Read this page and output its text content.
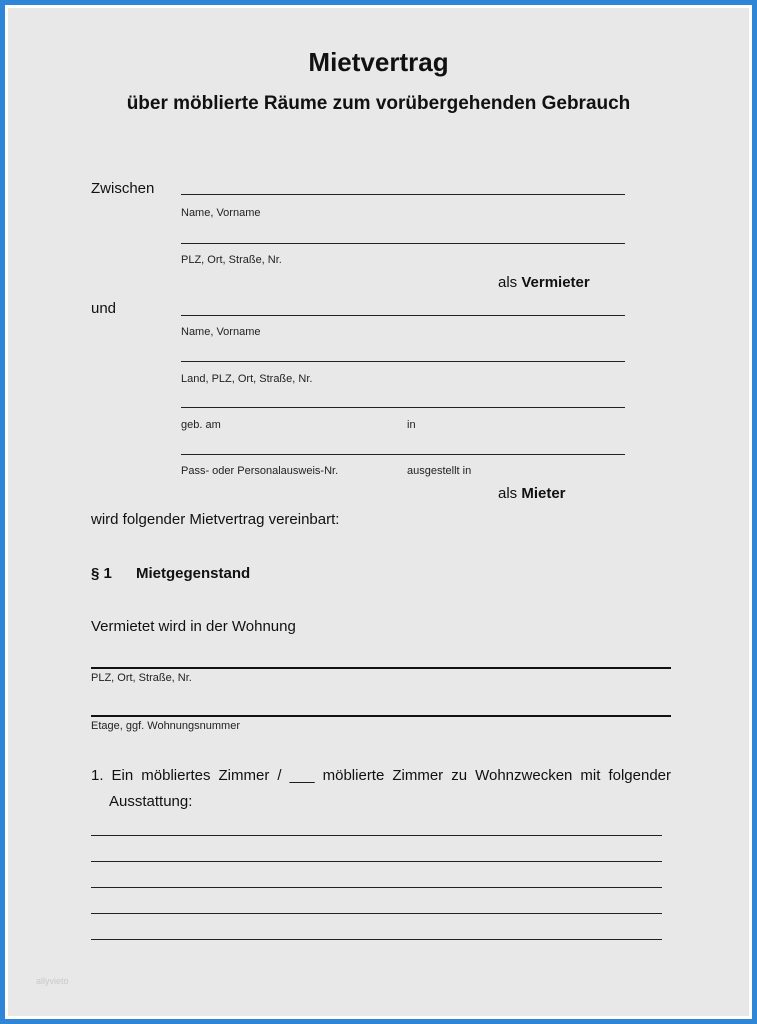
Mietvertrag
über möblierte Räume zum vorübergehenden Gebrauch
Zwischen
Name, Vorname
PLZ, Ort, Straße, Nr.
als Vermieter
und
Name, Vorname
Land, PLZ, Ort, Straße, Nr.
geb. am	in
Pass- oder Personalausweis-Nr.	ausgestellt in
als Mieter
wird folgender Mietvertrag vereinbart:
§ 1 Mietgegenstand
Vermietet wird in der Wohnung
PLZ, Ort, Straße, Nr.
Etage, ggf. Wohnungsnummer
1. Ein möbliertes Zimmer / ___ möblierte Zimmer zu Wohnzwecken mit folgender
Ausstattung:
allyvieto
